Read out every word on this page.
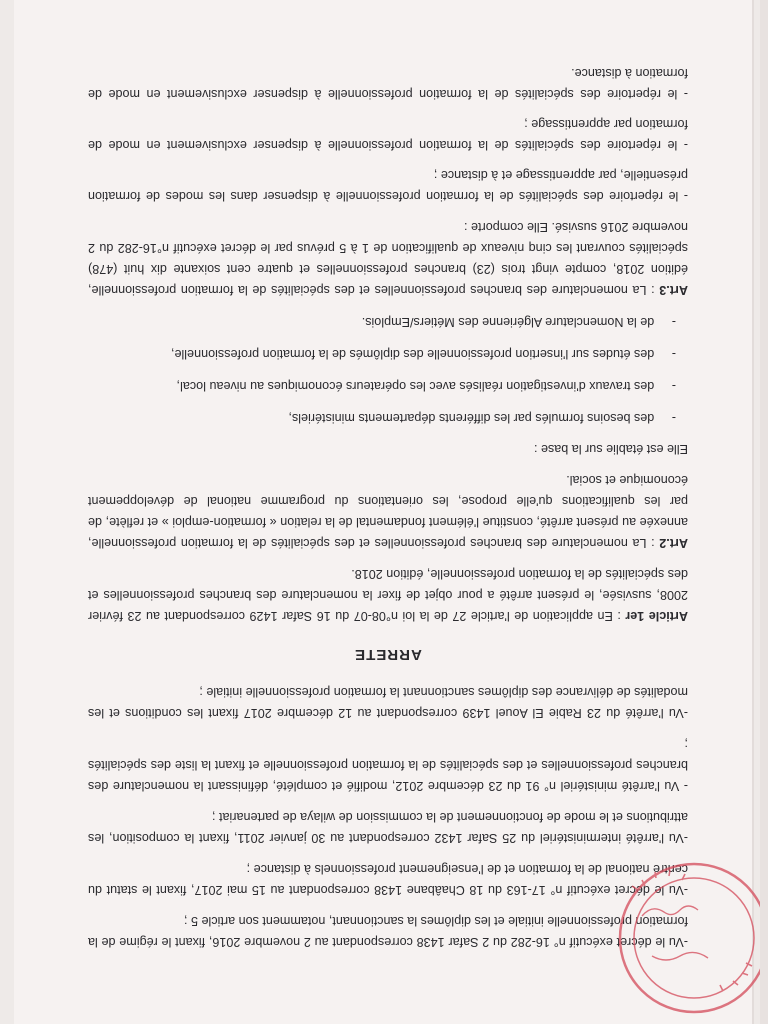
-Vu le décret exécutif n° 16-282 du 2 Safar 1438 correspondant au 2 novembre 2016, fixant le régime de la formation professionnelle initiale et les diplômes la sanctionnant, notamment son article 5 ;

-Vu le décret exécutif n° 17-163 du 18 Chaâbane 1438 correspondant au 15 mai 2017, fixant le statut du centre national de la formation et de l'enseignement professionnels à distance ;

-Vu l'arrêté interministériel du 25 Safar 1432 correspondant au 30 janvier 2011, fixant la composition, les attributions et le mode de fonctionnement de la commission de wilaya de partenariat ;

- Vu l'arrêté ministériel n° 91 du 23 décembre 2012, modifié et complété, définissant la nomenclature des branches professionnelles et des spécialités de la formation professionnelle et fixant la liste des spécialités ;

-Vu l'arrêté du 23 Rabie El Aouel 1439 correspondant au 12 décembre 2017 fixant les conditions et les modalités de délivrance des diplômes sanctionnant la formation professionnelle initiale ;

ARRETE

Article 1er : En application de l'article 27 de la loi n°08-07 du 16 Safar 1429 correspondant au 23 février 2008, susvisée, le présent arrêté a pour objet de fixer la nomenclature des branches professionnelles et des spécialités de la formation professionnelle, édition 2018.

Art.2 : La nomenclature des branches professionnelles et des spécialités de la formation professionnelle, annexée au présent arrêté, constitue l'élément fondamental de la relation « formation-emploi » et reflète, de par les qualifications qu'elle propose, les orientations du programme national de développement économique et social.

Elle est établie sur la base :

-     des besoins formulés par les différents départements ministériels,

-     des travaux d'investigation réalisés avec les opérateurs économiques au niveau local,

-     des études sur l'insertion professionnelle des diplômés de la formation professionnelle,

-     de la Nomenclature Algérienne des Métiers/Emplois.

Art.3 : La nomenclature des branches professionnelles et des spécialités de la formation professionnelle, édition 2018, compte vingt trois (23) branches professionnelles et quatre cent soixante dix huit (478) spécialités couvrant les cinq niveaux de qualification de 1 à 5 prévus par le décret exécutif n°16-282 du 2 novembre 2016 susvisé. Elle comporte :

- le répertoire des spécialités de la formation professionnelle à dispenser dans les modes de formation présentielle, par apprentissage et à distance ;

- le répertoire des spécialités de la formation professionnelle à dispenser exclusivement en mode de formation par apprentissage ;

- le répertoire des spécialités de la formation professionnelle à dispenser exclusivement en mode de formation à distance.
